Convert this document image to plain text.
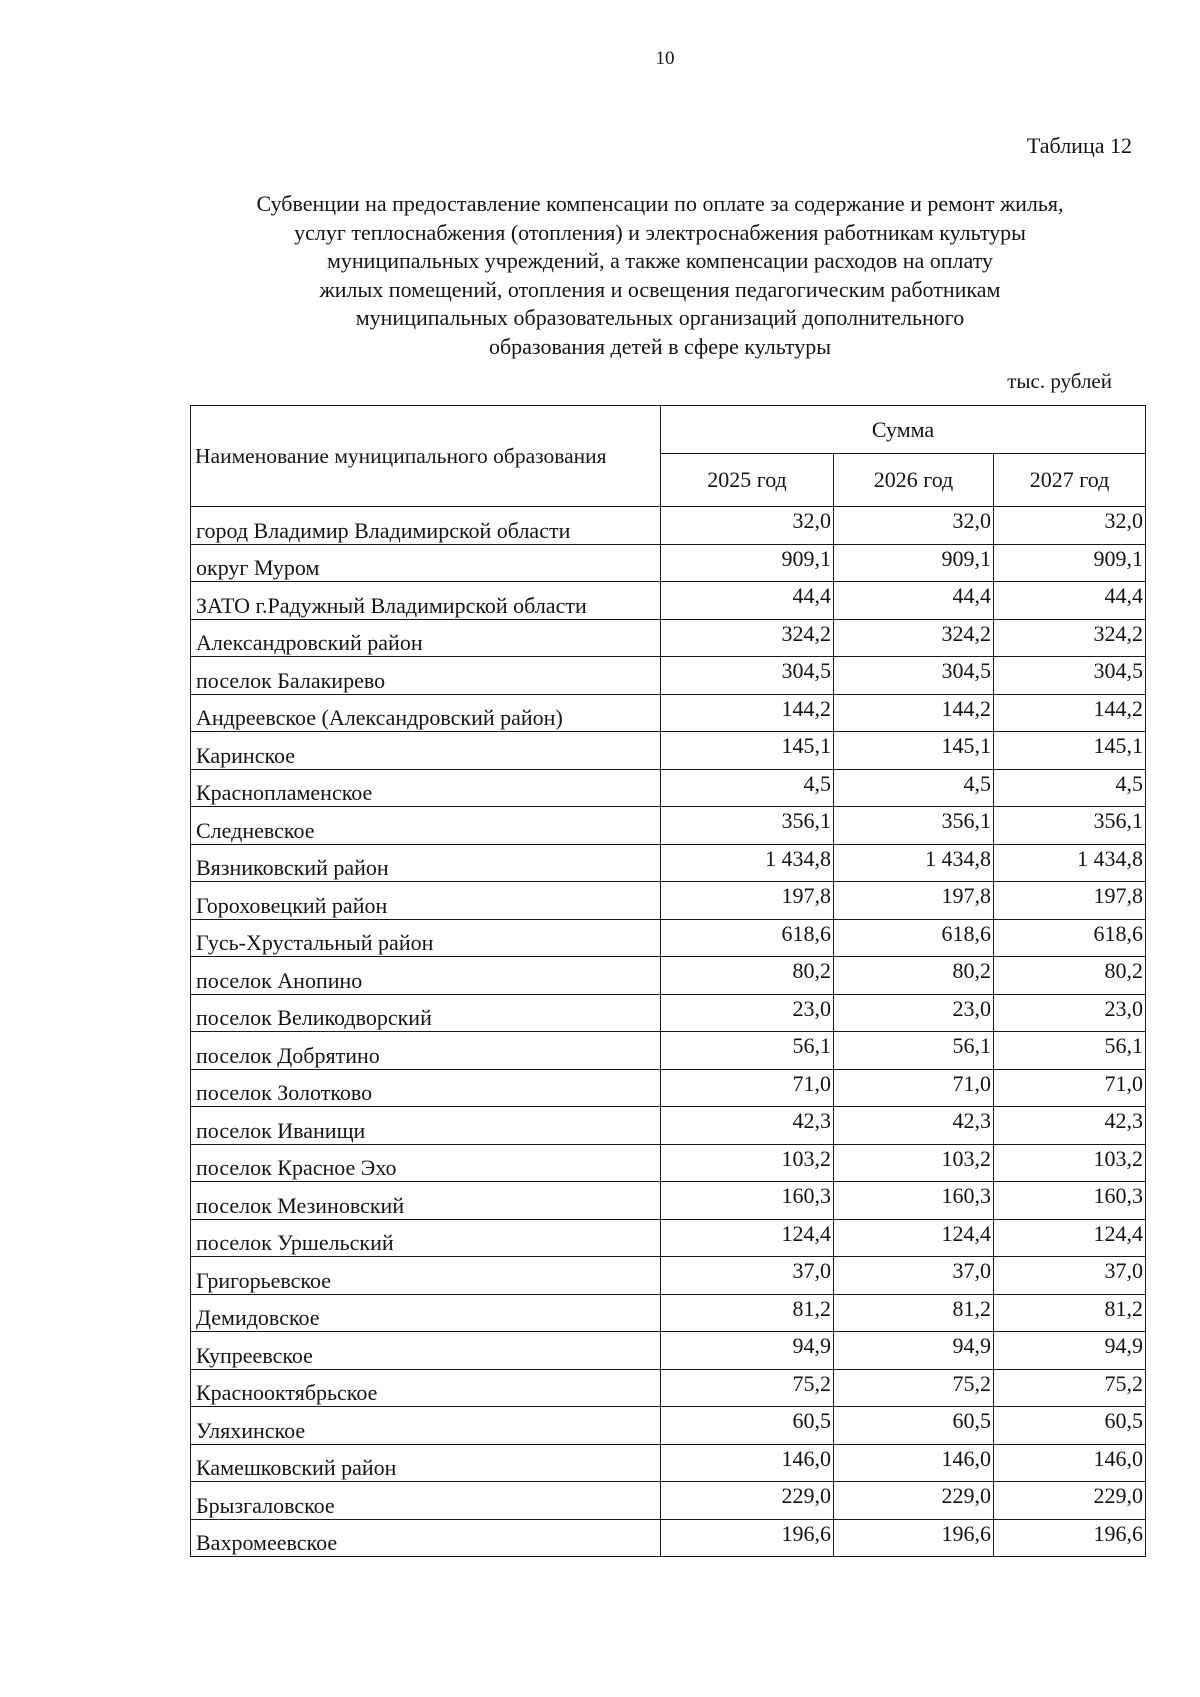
10
Таблица 12
Субвенции на предоставление компенсации по оплате за содержание и ремонт жилья,
услуг теплоснабжения (отопления) и электроснабжения работникам культуры
муниципальных учреждений, а также компенсации расходов на оплату
жилых помещений, отопления и освещения педагогическим работникам
муниципальных образовательных организаций дополнительного
образования детей в сфере культуры
тыс. рублей
Наименование муниципального образования	Сумма		
	2025 год	2026 год	2027 год
город Владимир Владимирской области	32,0	32,0	32,0
округ Муром	909,1	909,1	909,1
ЗАТО г.Радужный Владимирской области	44,4	44,4	44,4
Александровский район	324,2	324,2	324,2
поселок Балакирево	304,5	304,5	304,5
Андреевское (Александровский район)	144,2	144,2	144,2
Каринское	145,1	145,1	145,1
Краснопламенское	4,5	4,5	4,5
Следневское	356,1	356,1	356,1
Вязниковский район	1 434,8	1 434,8	1 434,8
Гороховецкий район	197,8	197,8	197,8
Гусь-Хрустальный район	618,6	618,6	618,6
поселок Анопино	80,2	80,2	80,2
поселок Великодворский	23,0	23,0	23,0
поселок Добрятино	56,1	56,1	56,1
поселок Золотково	71,0	71,0	71,0
поселок Иванищи	42,3	42,3	42,3
поселок Красное Эхо	103,2	103,2	103,2
поселок Мезиновский	160,3	160,3	160,3
поселок Уршельский	124,4	124,4	124,4
Григорьевское	37,0	37,0	37,0
Демидовское	81,2	81,2	81,2
Купреевское	94,9	94,9	94,9
Краснооктябрьское	75,2	75,2	75,2
Уляхинское	60,5	60,5	60,5
Камешковский район	146,0	146,0	146,0
Брызгаловское	229,0	229,0	229,0
Вахромеевское	196,6	196,6	196,6
